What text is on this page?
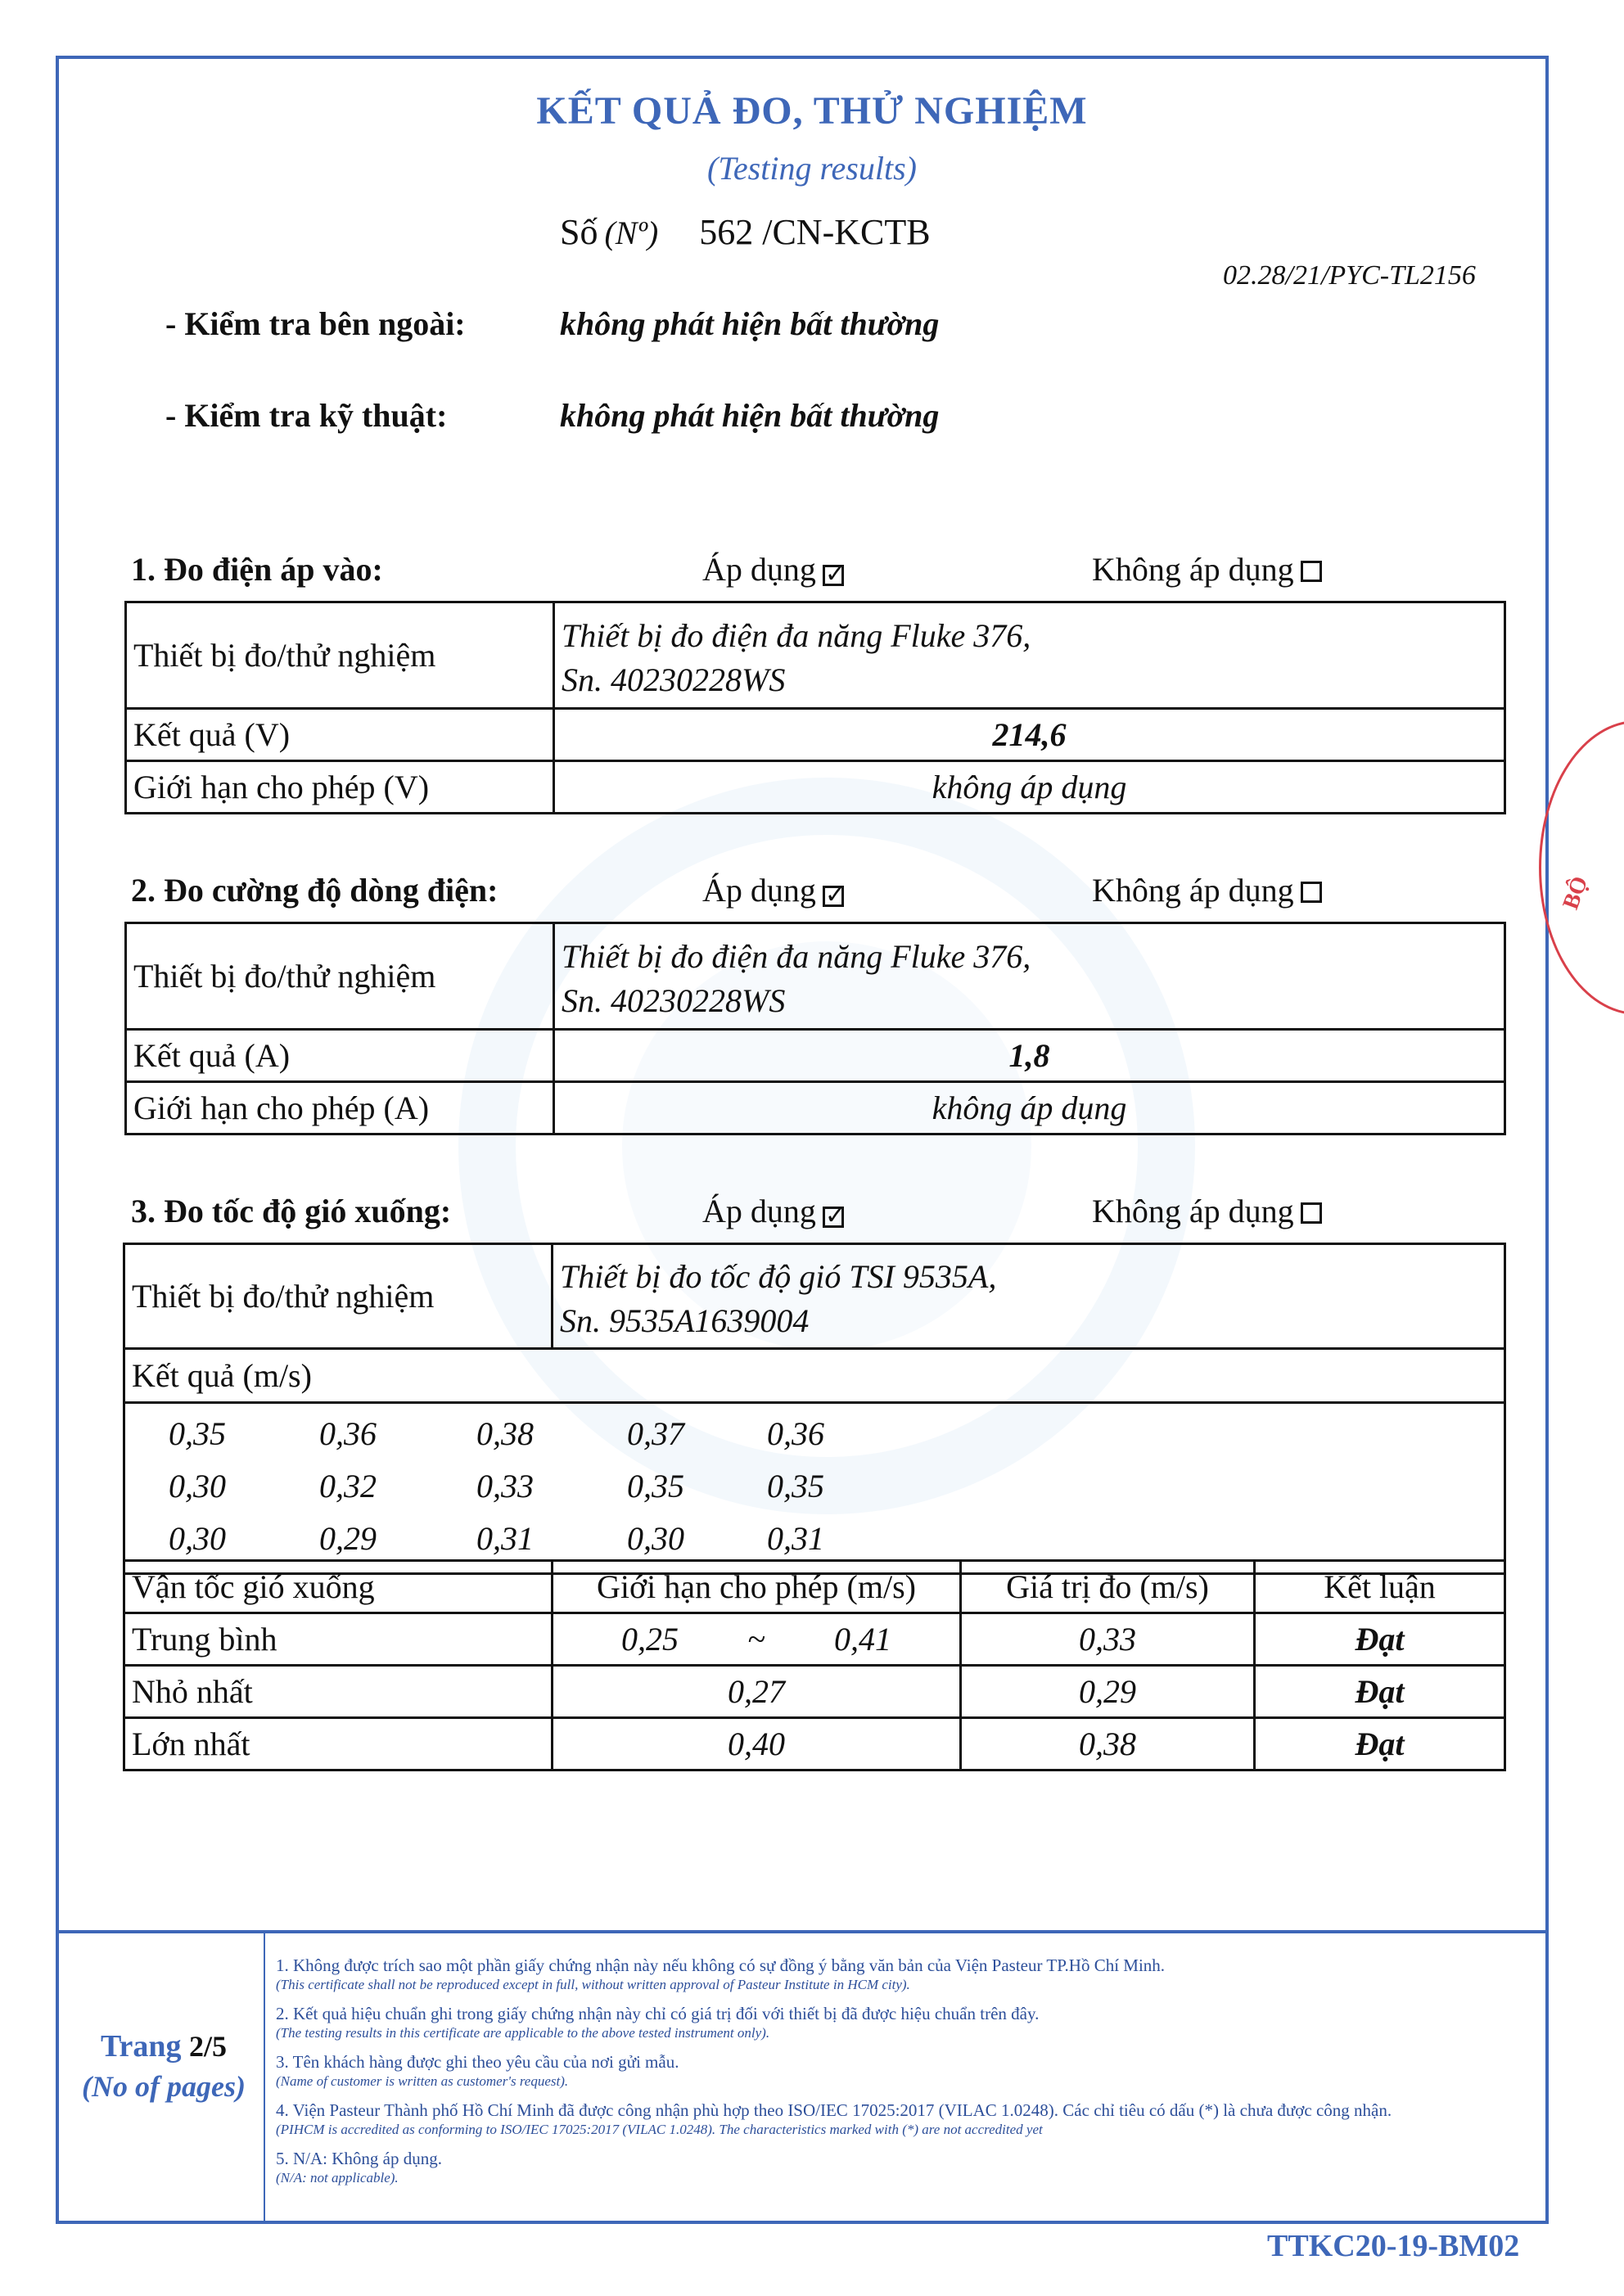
BỘ
KẾT QUẢ ĐO, THỬ NGHIỆM
(Testing results)
Số (Nº) 562 /CN-KCTB
02.28/21/PYC-TL2156
- Kiểm tra bên ngoài:	không phát hiện bất thường
- Kiểm tra kỹ thuật:	không phát hiện bất thường
1. Đo điện áp vào:	Áp dụng ✓	Không áp dụng
Thiết bị đo/thử nghiệm	Thiết bị đo điện đa năng Fluke 376,
Sn. 40230228WS

Kết quả (V)	214,6
Giới hạn cho phép (V)	không áp dụng
2. Đo cường độ dòng điện:	Áp dụng ✓	Không áp dụng
Thiết bị đo/thử nghiệm	Thiết bị đo điện đa năng Fluke 376,
Sn. 40230228WS

Kết quả (A)	1,8
Giới hạn cho phép (A)	không áp dụng
3. Đo tốc độ gió xuống:	Áp dụng ✓	Không áp dụng
Thiết bị đo/thử nghiệm	
Thiết bị đo tốc độ gió TSI 9535A,
Sn. 9535A1639004

Kết quả (m/s)

0,35	0,36	0,38	0,37	0,36
0,30	0,32	0,33	0,35	0,35
0,30	0,29	0,31	0,30	0,31
Vận tốc gió xuống	Giới hạn cho phép (m/s)	Giá trị đo (m/s)	Kết luận
Trung bình	0,25 ~ 0,41	0,33	Đạt
Nhỏ nhất	0,27	0,29	Đạt
Lớn nhất	0,40	0,38	Đạt
Trang 2/5
(No of pages)
1. Không được trích sao một phần giấy chứng nhận này nếu không có sự đồng ý bằng văn bản của Viện Pasteur TP.Hồ Chí Minh.
(This certificate shall not be reproduced except in full, without written approval of Pasteur Institute in HCM city).
2. Kết quả hiệu chuẩn ghi trong giấy chứng nhận này chỉ có giá trị đối với thiết bị đã được hiệu chuẩn trên đây.
(The testing results in this certificate are applicable to the above tested instrument only).
3. Tên khách hàng được ghi theo yêu cầu của nơi gửi mẫu.
(Name of customer is written as customer's request).
4. Viện Pasteur Thành phố Hồ Chí Minh đã được công nhận phù hợp theo ISO/IEC 17025:2017 (VILAC 1.0248). Các chỉ tiêu có dấu (*) là chưa được công nhận.
(PIHCM is accredited as conforming to ISO/IEC 17025:2017 (VILAC 1.0248). The characteristics marked with (*) are not accredited yet
5. N/A: Không áp dụng.
(N/A: not applicable).
TTKC20-19-BM02
